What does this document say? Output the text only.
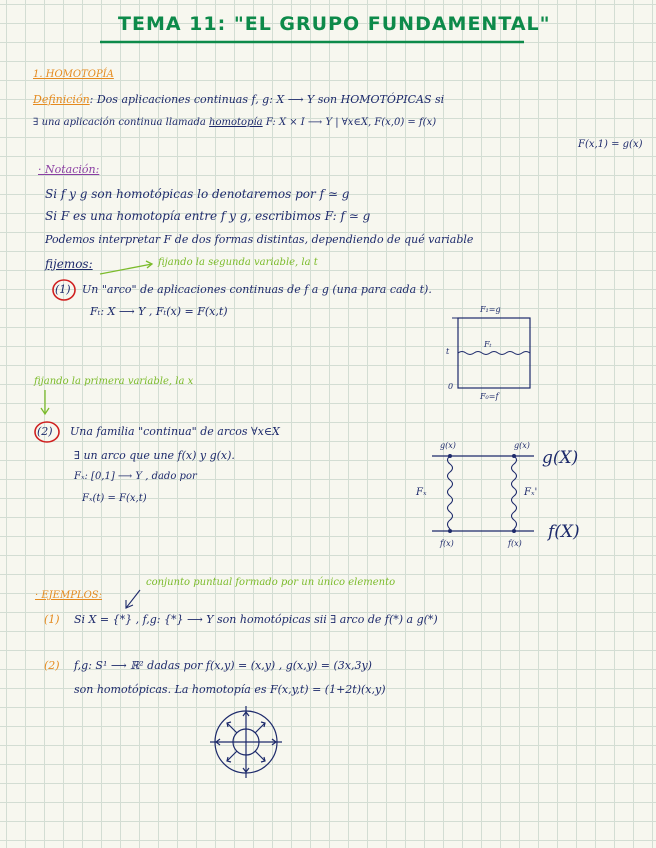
TEMA 11: "EL GRUPO FUNDAMENTAL"
1. HOMOTOPÍA
Definición: Dos aplicaciones continuas f, g: X ⟶ Y son HOMOTÓPICAS si
∃ una aplicación continua llamada homotopía F: X × I ⟶ Y | ∀x∈X, F(x,0) = f(x)
F(x,1) = g(x)
· Notación:
Si f y g son homotópicas lo denotaremos por f ≃ g
Si F es una homotopía entre f y g, escribimos F: f ≃ g
Podemos interpretar F de dos formas distintas, dependiendo de qué variable
fijemos:	fijando la segunda variable, la t
(1) Un "arco" de aplicaciones continuas de f a g (una para cada t).
Fₜ: X ⟶ Y , Fₜ(x) = F(x,t)	F₁=g
Fₜ
F₀=f
t
0
fijando la primera variable, la x
(2) Una familia "continua" de arcos ∀x∈X
∃ un arco que une f(x) y g(x).
Fₓ: [0,1] ⟶ Y , dado por
Fₓ(t) = F(x,t)
g(x)	g(x)
f(x)	f(x)
Fₓ	Fₓ'
g(X)
f(X)
conjunto puntual formado por un único elemento
· EJEMPLOS:
(1) Si X = {*} , f,g: {*} ⟶ Y son homotópicas sii ∃ arco de f(*) a g(*)
(2) f,g: S¹ ⟶ ℝ² dadas por f(x,y) = (x,y) , g(x,y) = (3x,3y)
son homotópicas. La homotopía es F(x,y,t) = (1+2t)(x,y)
